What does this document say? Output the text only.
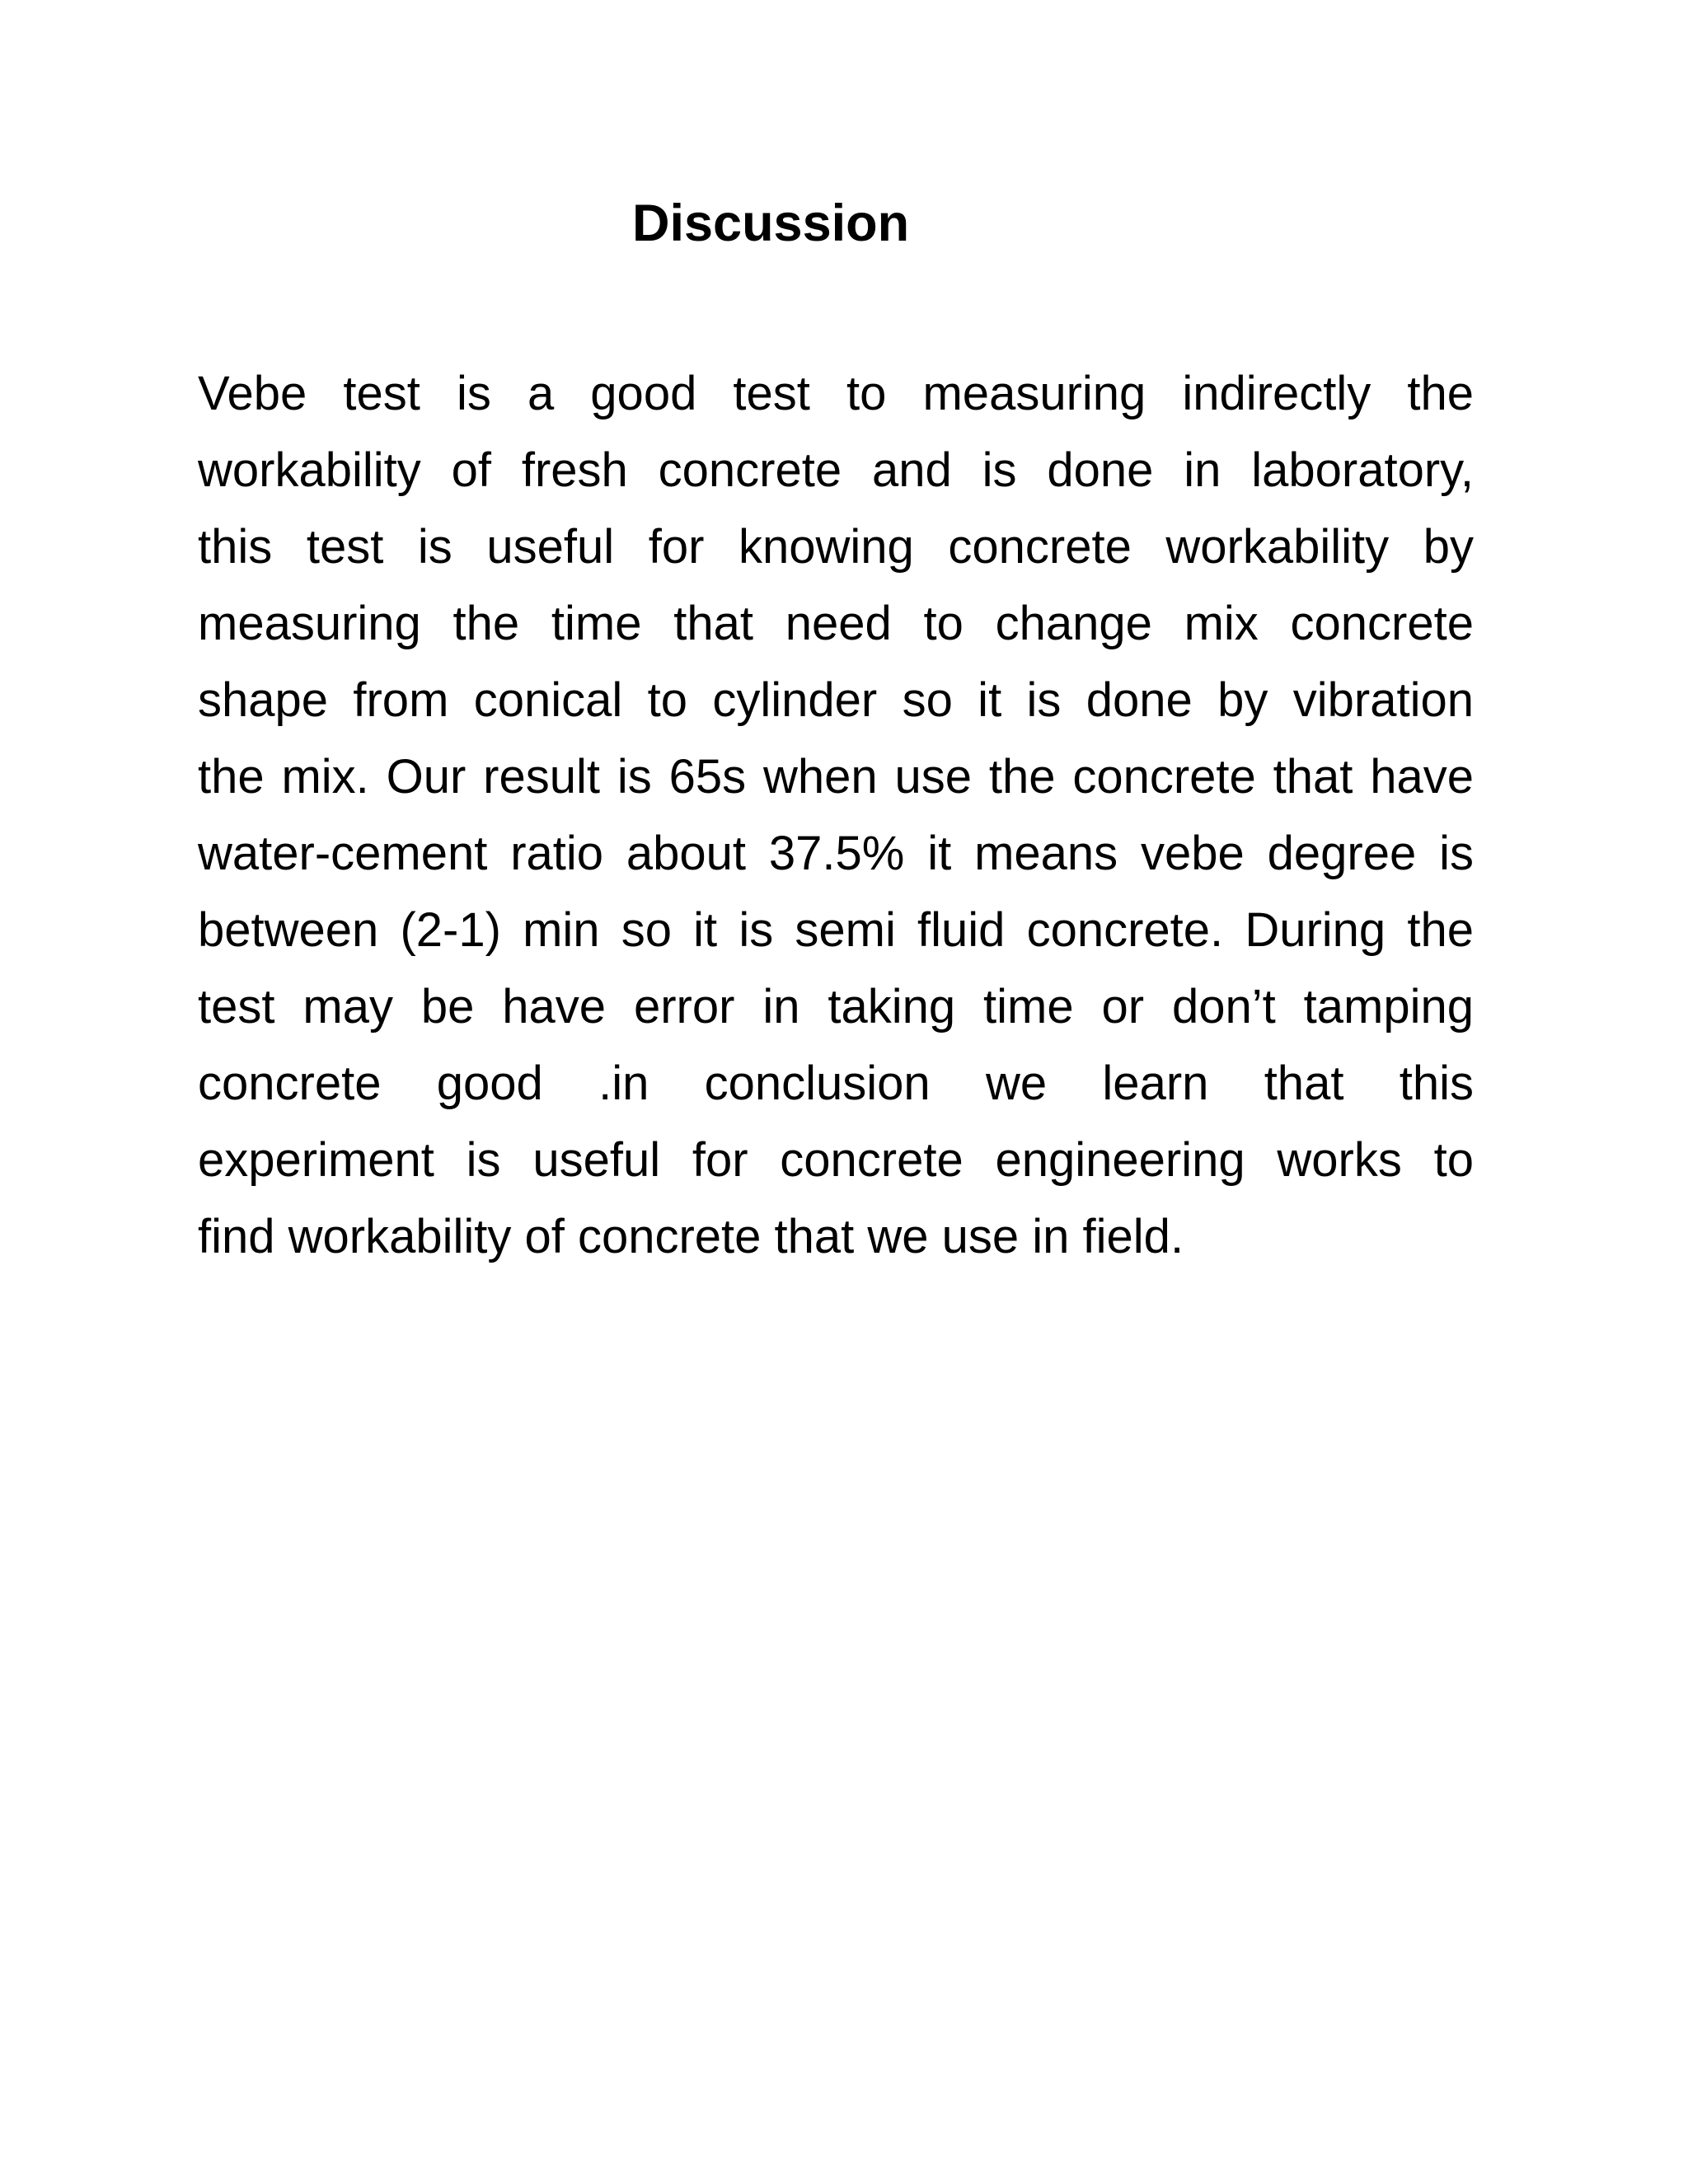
Discussion
Vebe test is a good test to measuring indirectly the
workability of fresh concrete and is done in laboratory,
this test is useful for knowing concrete workability by
measuring the time that need to change mix concrete
shape from conical to cylinder so it is done by vibration
the mix. Our result is 65s when use the concrete that have
water-cement ratio about 37.5% it means vebe degree is
between (2-1) min so it is semi fluid concrete. During the
test may be have error in taking time or don’t tamping
concrete good .in conclusion we learn that this
experiment is useful for concrete engineering works to
find workability of concrete that we use in field.
